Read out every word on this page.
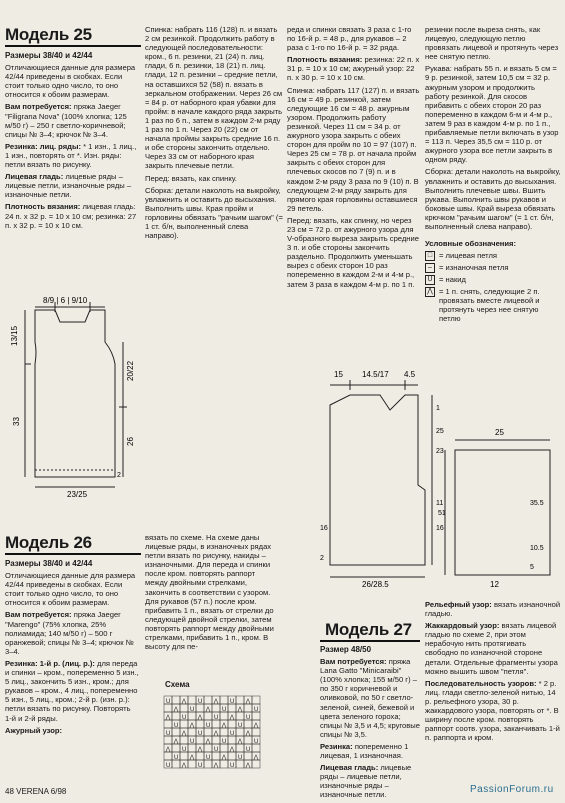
Модель 25

Размеры 38/40 и 42/44

Отличающиеся данные для размера 42/44 приведены в скобках. Если стоит только одно число, то оно относится к обоим размерам.

Вам потребуется: пряжа Jaeger "Filigrana Nova" (100% хлопка; 125 м/50 г) – 250 г светло-коричневой; спицы № 3–4; крючок № 3–4.

Резинка: лиц. ряды: * 1 изн., 1 лиц., 1 изн., повторять от *. Изн. ряды: петли вязать по рисунку.

Лицевая гладь: лицевые ряды – лицевые петли, изнаночные ряды – изнаночные петли.

Плотность вязания: лицевая гладь: 24 п. x 32 р. = 10 x 10 см; резинка: 27 п. x 32 р. = 10 x 10 см.

8/9 | 6 | 9/10
13/15
33
20/22
26
23/25
2

Спинка: набрать 116 (128) п. и вязать 2 см резинкой. Продолжить работу в следующей последовательности: кром., 6 п. резинки, 21 (24) п. лиц. глади, 6 п. резинки, 18 (21) п. лиц. глади, 12 п. резинки – средние петли, на оставшихся 52 (58) п. вязать в зеркальном отображении. Через 26 см = 84 р. от наборного края убавки для пройм: в начале каждого ряда закрыть 1 раз по 6 п., затем в каждом 2-м ряду 1 раз по 1 п. Через 20 (22) см от начала проймы закрыть средние 16 п. и обе стороны закончить отдельно. Через 33 см от наборного края закрыть плечевые петли.

Перед: вязать, как спинку.

Сборка: детали наколоть на выкройку, увлажнить и оставить до высыхания. Выполнить швы. Края пройм и горловины обвязать "рачьим шагом" (= 1 ст. б/н, выполненный слева направо).

реда и спинки связать 3 раза с 1-го по 16-й р. = 48 р., для рукавов – 2 раза с 1-го по 16-й р. = 32 ряда.

Плотность вязания: резинка: 22 п. x 31 р. = 10 x 10 см; ажурный узор: 22 п. x 30 р. = 10 x 10 см.

Спинка: набрать 117 (127) п. и вязать 16 см = 49 р. резинкой, затем следующие 16 см = 48 р. ажурным узором. Продолжить работу резинкой. Через 11 см = 34 р. от ажурного узора закрыть с обеих сторон для пройм по 10 = 97 (107) п. Через 25 см = 78 р. от начала пройм закрыть с обеих сторон для плечевых скосов по 7 (9) п. и в каждом 2-м ряду 3 раза по 9 (10) п. В следующем 2-м ряду закрыть для прямого края горловины оставшиеся 29 петель.

Перед: вязать, как спинку, но через 23 см = 72 р. от ажурного узора для V-образного выреза закрыть средние 3 п. и обе стороны закончить раздельно. Продолжить уменьшать вырез с обеих сторон 10 раз попеременно в каждом 2-м и 4-м р., затем 3 раза в каждом 4-м р. по 1 п.

резинки после выреза снять, как лицевую, следующую петлю провязать лицевой и протянуть через нее снятую петлю.

Рукава: набрать 55 п. и вязать 5 см = 9 р. резинкой, затем 10,5 см = 32 р. ажурным узором и продолжить работу резинкой. Для скосов прибавить с обеих сторон 20 раз попеременно в каждом 6-м и 4-м р., затем 9 раз в каждом 4-м р. по 1 п., прибавляемые петли включать в узор = 113 п. Через 35,5 см = 110 р. от ажурного узора все петли закрыть в одном ряду.

Сборка: детали наколоть на выкройку, увлажнить и оставить до высыхания. Выполнить плечевые швы. Вшить рукава. Выполнить швы рукавов и боковые швы. Край выреза обвязать крючком "рачьим шагом" (= 1 ст. б/н, выполненный слева направо).

Условные обозначения:

□ = лицевая петля
– = изнаночная петля
U = накид
⋀ = 1 п. снять, следующие 2 п. провязать вместе лицевой и протянуть через нее снятую петлю
15 14.5/17 4.5
1
25
23
11
16
16
2
26/28.5
25
35.5
10.5
5
12
51
Модель 26

Размеры 38/40 и 42/44

Отличающиеся данные для размера 42/44 приведены в скобках. Если стоит только одно число, то оно относится к обоим размерам.

Вам потребуется: пряжа Jaeger "Marengo" (75% хлопка, 25% полиамида; 140 м/50 г) – 500 г оранжевой; спицы № 3–4; крючок № 3–4.

Резинка: 1-й р. (лиц. р.): для переда и спинки – кром., попеременно 5 изн., 5 лиц., закончить 5 изн., кром.; для рукавов – кром., 4 лиц., попеременно 5 изн., 5 лиц., кром.; 2-й р. (изн. р.): петли вязать по рисунку. Повторять 1-й и 2-й ряды.

Ажурный узор:

вязать по схеме. На схеме даны лицевые ряды, в изнаночных рядах петли вязать по рисунку, накиды – изнаночными. Для переда и спинки после кром. повторять раппорт между двойными стрелками, закончить в соответствии с узором. Для рукавов (57 п.) после кром. прибавить 1 п., вязать от стрелки до следующей двойной стрелки, затем повторять раппорт между двойными стрелками, прибавить 1 п., кром. В высоту для пе-

Схема
U ⋀ U ⋀ U ⋀
⋀ U ⋀ U ⋀ U
⋀ U ⋀ U ⋀ U
U ⋀ U ⋀ U ⋀
U ⋀ U ⋀ U ⋀
⋀ U ⋀ U ⋀ U
⋀ U ⋀ U ⋀ U
U ⋀ U ⋀ U ⋀
U ⋀ U ⋀ U ⋀
Модель 27

Размер 48/50

Вам потребуется: пряжа Lana Gatto "Minicaraibi" (100% хлопка; 155 м/50 г) – по 350 г коричневой и оливковой, по 50 г светло-зеленой, синей, бежевой и цвета зеленого горохa; спицы № 3,5 и 4,5; круговые спицы № 3,5.

Резинка: попеременно 1 лицевая, 1 изнаночная.

Лицевая гладь: лицевые ряды – лицевые петли, изнаночные ряды – изнаночные петли.

Рельефный узор: вязать изнаночной гладью.

Жаккардовый узор: вязать лицевой гладью по схеме 2, при этом нерабочую нить протягивать свободно по изнаночной стороне детали. Отдельные фрагменты узора можно вышить швом "петля".

Последовательность узоров: * 2 р. лиц. глади светло-зеленой нитью, 14 р. рельефного узора, 30 р. жаккардового узора, повторять от *. В ширину после кром. повторять раппорт соотв. узора, заканчивать 1-й п. раппорта и кром.

48 VERENA 6/98	PassionForum.ru
